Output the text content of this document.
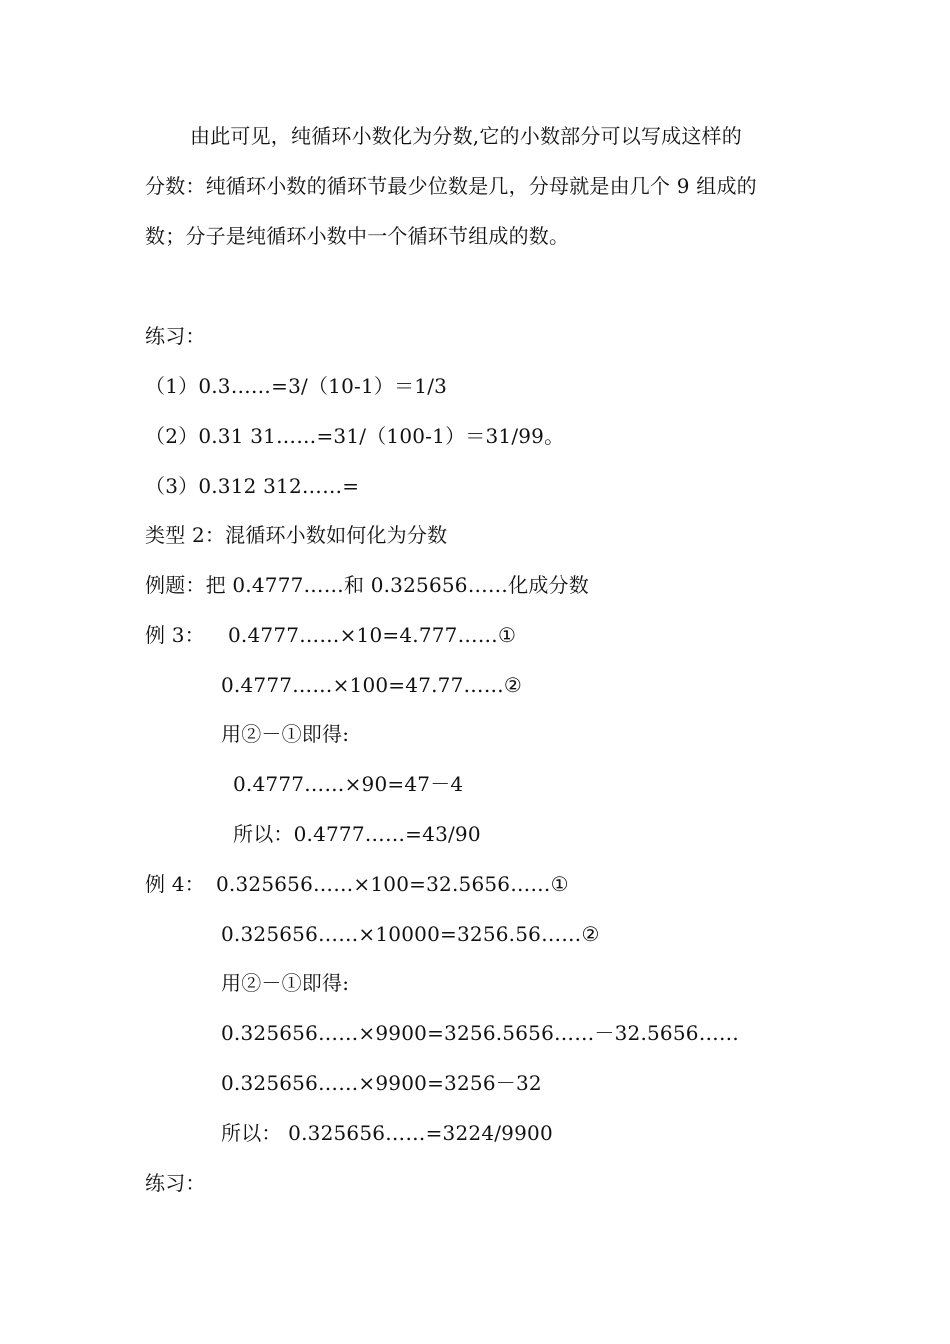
由此可见，纯循环小数化为分数,它的小数部分可以写成这样的
分数：纯循环小数的循环节最少位数是几，分母就是由几个 9 组成的
数；分子是纯循环小数中一个循环节组成的数。
练习：
（1）0.3……=3/（10-1）＝1/3
（2）0.31 31……=31/（100-1）＝31/99。
（3）0.312 312……=
类型 2：混循环小数如何化为分数
例题：把 0.4777……和 0.325656……化成分数
例 3： 0.4777……×10=4.777……①
0.4777……×100=47.77……②
用②－①即得:
0.4777……×90=47－4
所以：0.4777……=43/90
例 4： 0.325656……×100=32.5656……①
0.325656……×10000=3256.56……②
用②－①即得:
0.325656……×9900=3256.5656……－32.5656……
0.325656……×9900=3256－32
所以： 0.325656……=3224/9900
练习：
